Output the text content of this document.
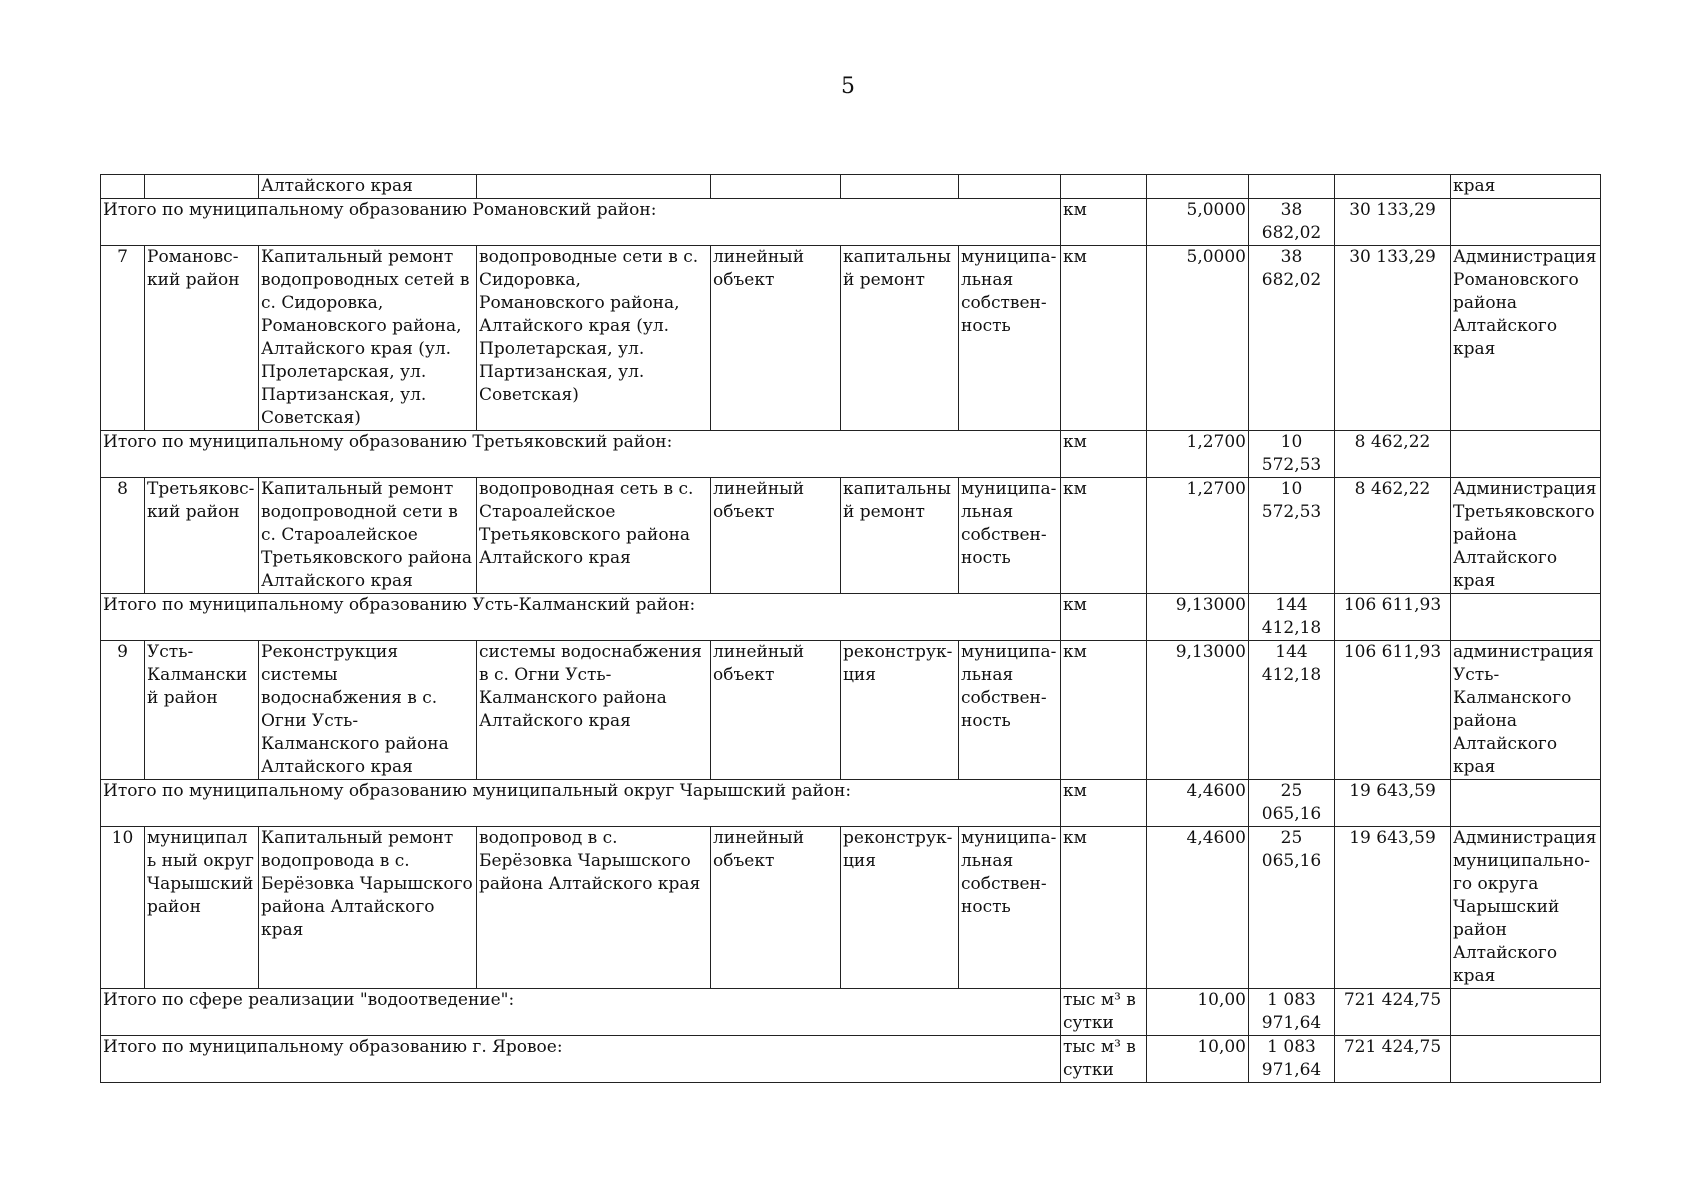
5
		Алтайского края									края
Итого по муниципальному образованию Романовский район:							км	5,0000	38 682,02	30 133,29	
7	Романовс-кий район	Капитальный ремонт водопроводных сетей в с. Сидоровка, Романовского района, Алтайского края (ул. Пролетарская, ул. Партизанская, ул. Советская)	водопроводные сети в с. Сидоровка, Романовского района, Алтайского края (ул. Пролетарская, ул. Партизанская, ул. Советская)	линейный объект	капитальный ремонт	муниципа-льная собствен-ность	км	5,0000	38 682,02	30 133,29	Администрация Романовского района Алтайского края
Итого по муниципальному образованию Третьяковский район:							км	1,2700	10 572,53	8 462,22	
8	Третьяковс-кий район	Капитальный ремонт водопроводной сети в с. Староалейское Третьяковского района Алтайского края	водопроводная сеть в с. Староалейское Третьяковского района Алтайского края	линейный объект	капитальный ремонт	муниципа-льная собствен-ность	км	1,2700	10 572,53	8 462,22	Администрация Третьяковского района Алтайского края
Итого по муниципальному образованию Усть-Калманский район:							км	9,13000	144 412,18	106 611,93	
9	Усть-Калманский район	Реконструкция системы водоснабжения в с. Огни Усть-Калманского района Алтайского края	системы водоснабжения в с. Огни Усть-Калманского района Алтайского края	линейный объект	реконструк-ция	муниципа-льная собствен-ность	км	9,13000	144 412,18	106 611,93	администрация Усть-Калманского района Алтайского края
Итого по муниципальному образованию муниципальный округ Чарышский район:							км	4,4600	25 065,16	19 643,59	
10	муниципаль ный округ Чарышский район	Капитальный ремонт водопровода в с. Берёзовка Чарышского района Алтайского края	водопровод в с. Берёзовка Чарышского района Алтайского края	линейный объект	реконструк-ция	муниципа-льная собствен-ность	км	4,4600	25 065,16	19 643,59	Администрация муниципально-го округа Чарышский район Алтайского края
Итого по сфере реализации "водоотведение":							тыс м³ в сутки	10,00	1 083 971,64	721 424,75	
Итого по муниципальному образованию г. Яровое:							тыс м³ в сутки	10,00	1 083 971,64	721 424,75	
